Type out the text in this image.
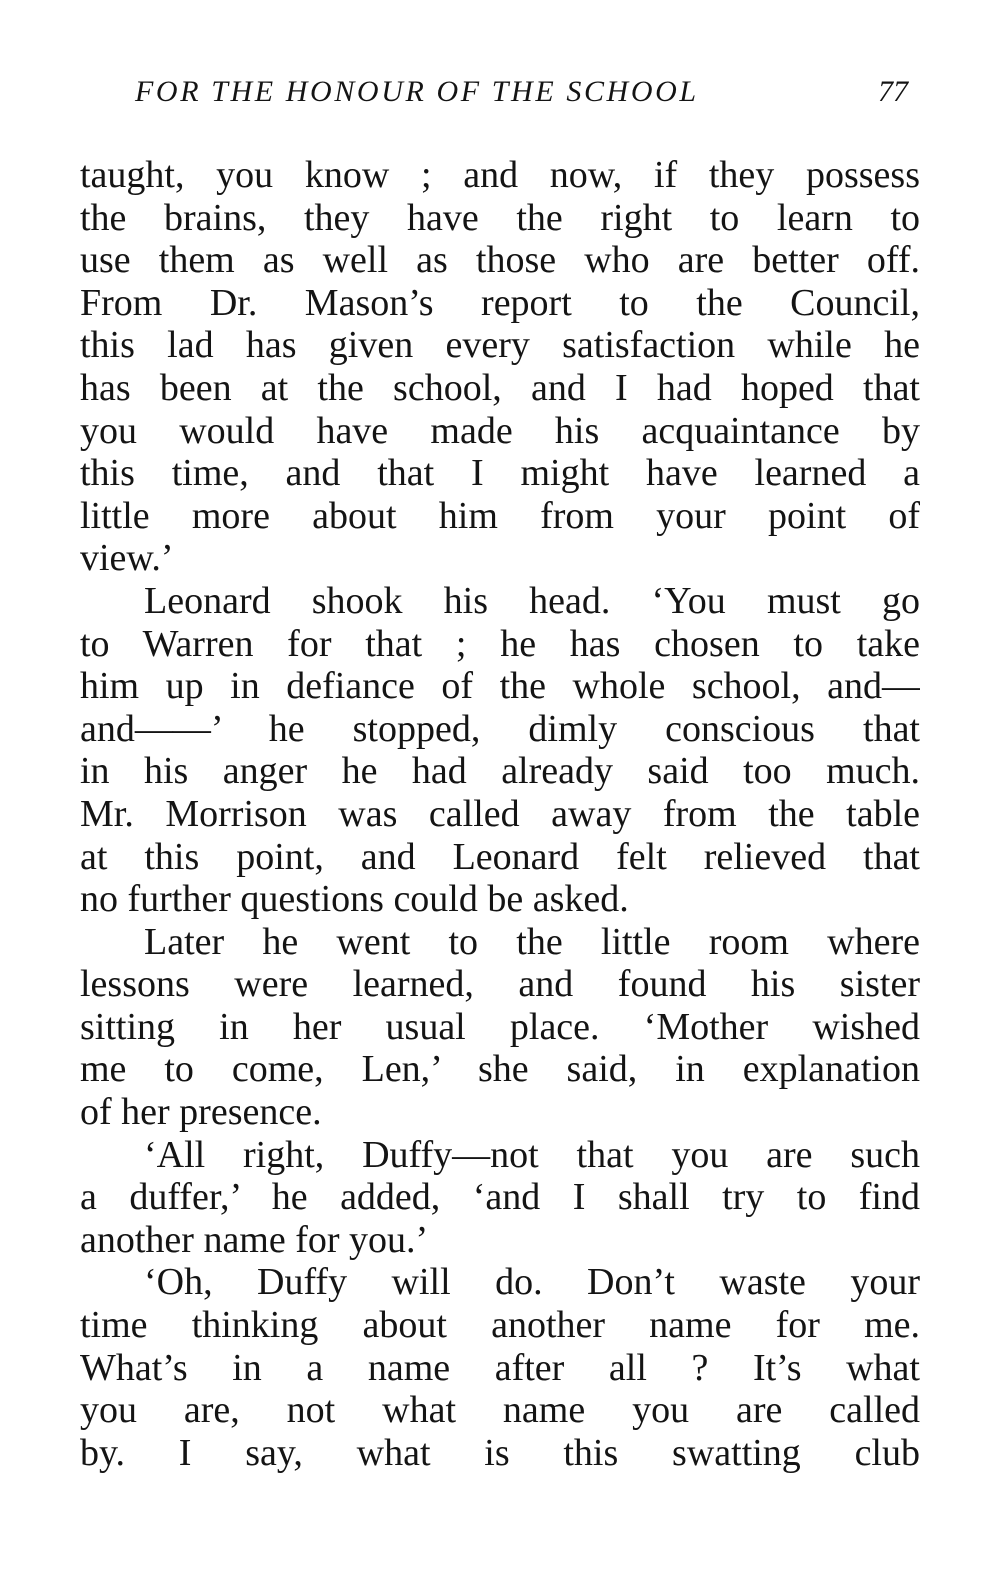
FOR THE HONOUR OF THE SCHOOL	77
taught, you know ; and now, if they possess
the brains, they have the right to learn to
use them as well as those who are better off.
From Dr. Mason’s report to the Council,
this lad has given every satisfaction while he
has been at the school, and I had hoped that
you would have made his acquaintance by
this time, and that I might have learned a
little more about him from your point of
view.’
Leonard shook his head. ‘You must go
to Warren for that ; he has chosen to take
him up in defiance of the whole school, and—
and——’ he stopped, dimly conscious that
in his anger he had already said too much.
Mr. Morrison was called away from the table
at this point, and Leonard felt relieved that
no further questions could be asked.
Later he went to the little room where
lessons were learned, and found his sister
sitting in her usual place. ‘Mother wished
me to come, Len,’ she said, in explanation
of her presence.
‘All right, Duffy—not that you are such
a duffer,’ he added, ‘and I shall try to find
another name for you.’
‘Oh, Duffy will do. Don’t waste your
time thinking about another name for me.
What’s in a name after all ? It’s what
you are, not what name you are called
by. I say, what is this swatting club
